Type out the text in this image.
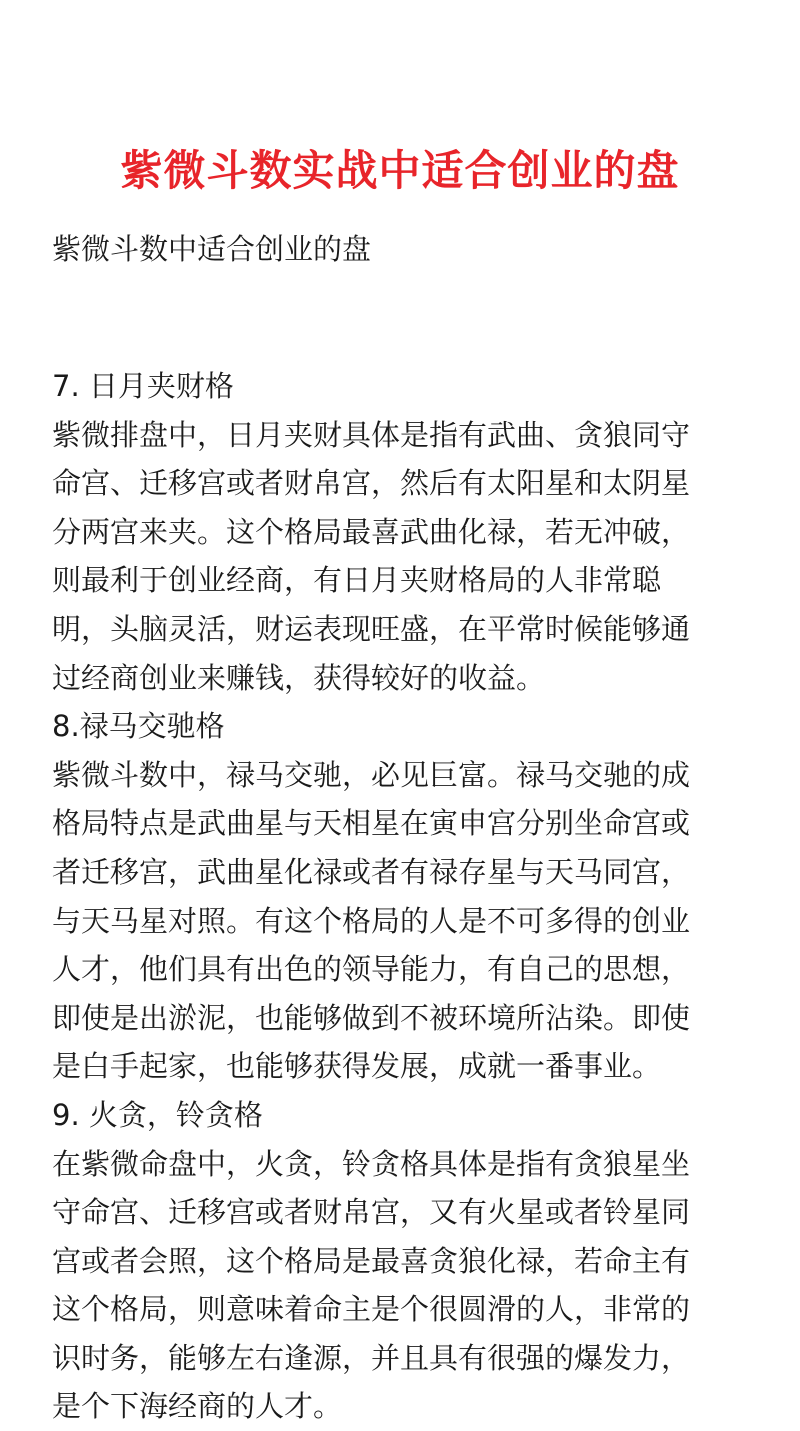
紫微斗数实战中适合创业的盘
紫微斗数中适合创业的盘
7. 日月夹财格
紫微排盘中，日月夹财具体是指有武曲、贪狼同守
命宫、迁移宫或者财帛宫，然后有太阳星和太阴星
分两宫来夹。这个格局最喜武曲化禄，若无冲破，
则最利于创业经商，有日月夹财格局的人非常聪
明，头脑灵活，财运表现旺盛，在平常时候能够通
过经商创业来赚钱，获得较好的收益。
8.禄马交驰格
紫微斗数中，禄马交驰，必见巨富。禄马交驰的成
格局特点是武曲星与天相星在寅申宫分别坐命宫或
者迁移宫，武曲星化禄或者有禄存星与天马同宫，
与天马星对照。有这个格局的人是不可多得的创业
人才，他们具有出色的领导能力，有自己的思想，
即使是出淤泥，也能够做到不被环境所沾染。即使
是白手起家，也能够获得发展，成就一番事业。
9. 火贪，铃贪格
在紫微命盘中，火贪，铃贪格具体是指有贪狼星坐
守命宫、迁移宫或者财帛宫，又有火星或者铃星同
宫或者会照，这个格局是最喜贪狼化禄，若命主有
这个格局，则意味着命主是个很圆滑的人，非常的
识时务，能够左右逢源，并且具有很强的爆发力，
是个下海经商的人才。
